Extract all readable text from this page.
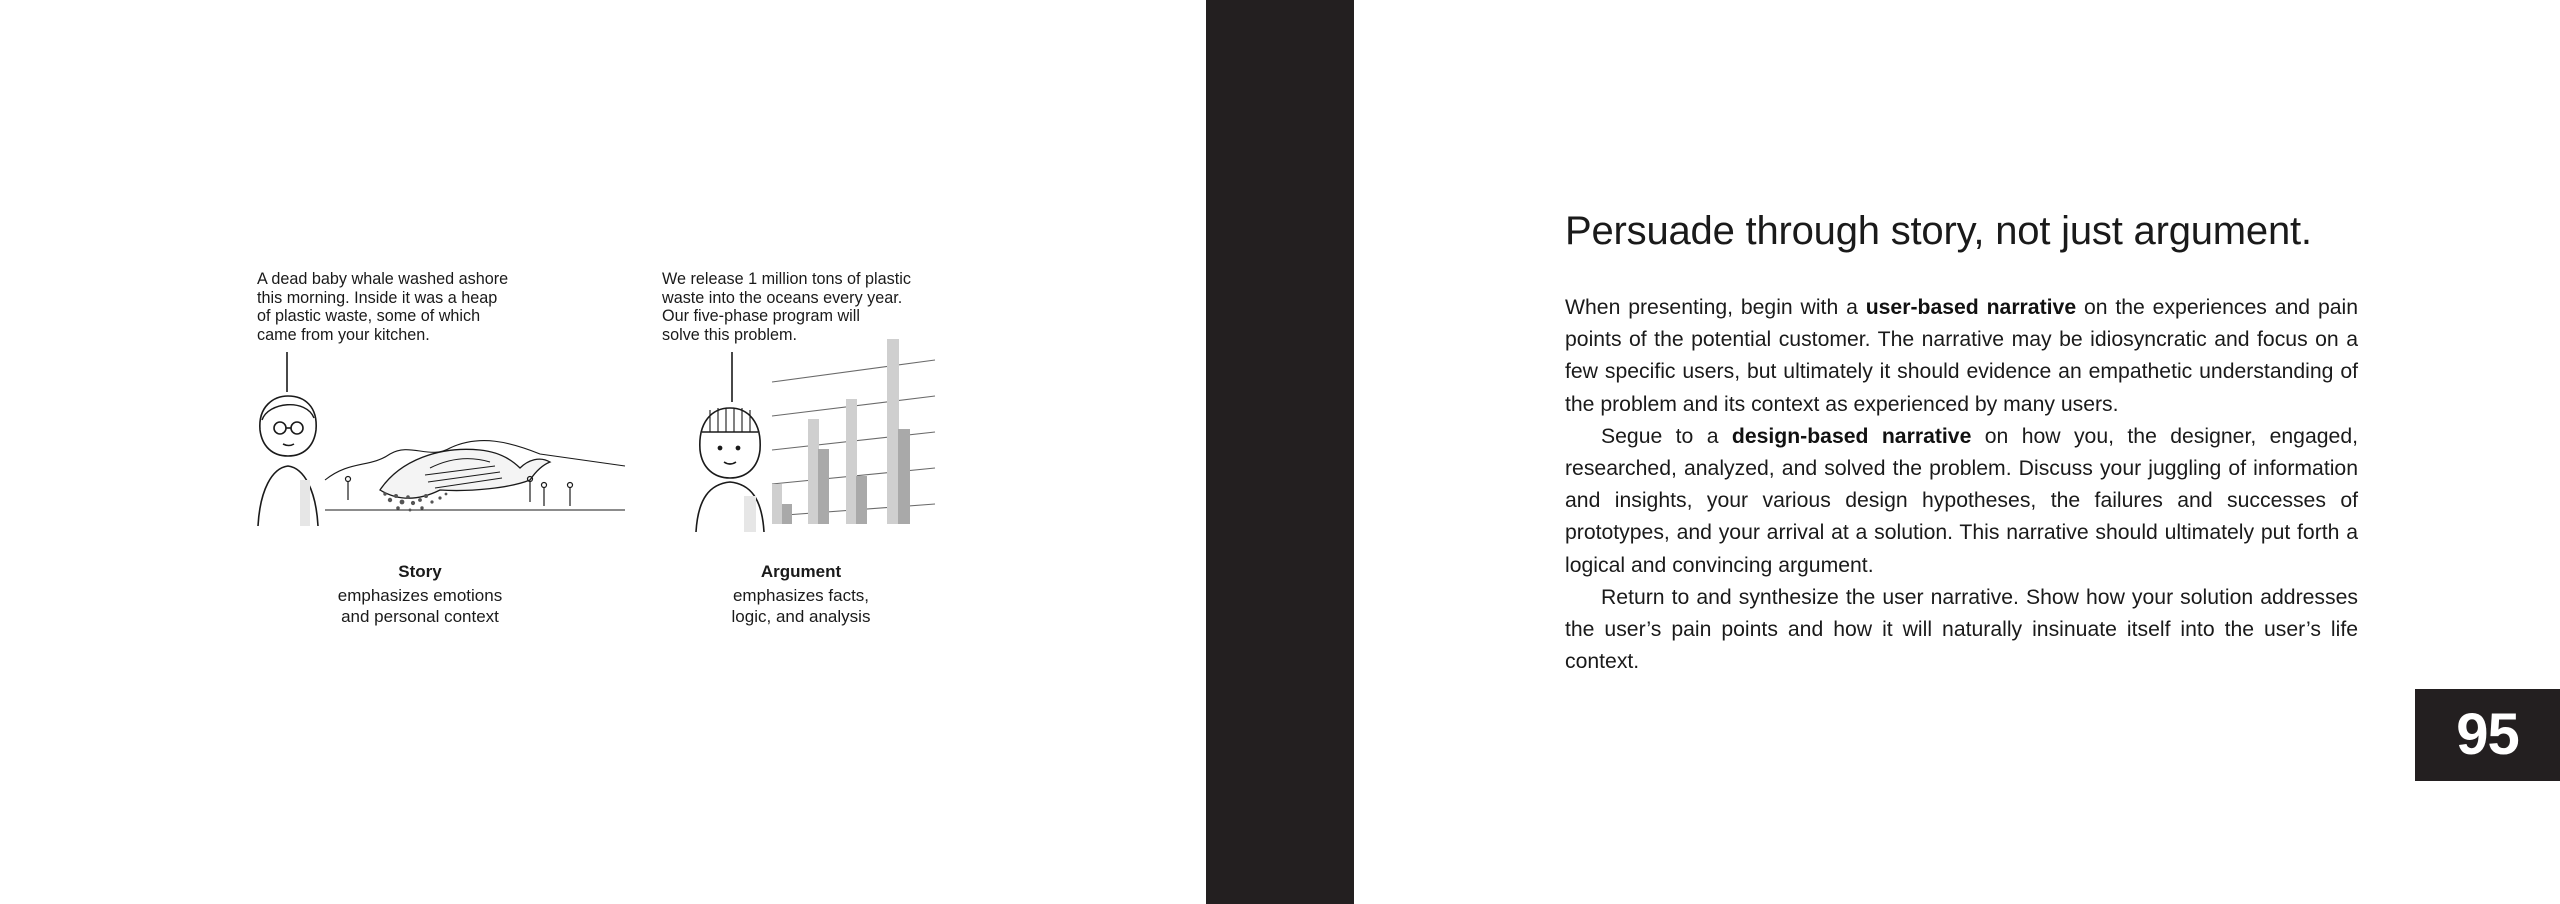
A dead baby whale washed ashore
this morning. Inside it was a heap
of plastic waste, some of which
came from your kitchen.
We release 1 million tons of plastic
waste into the oceans every year.
Our five-phase program will
solve this problem.
Story
emphasizes emotions
and personal context
Argument
emphasizes facts,
logic, and analysis
Persuade through story, not just argument.

When presenting, begin with a user-based narrative on the experiences and pain points of the potential customer. The narrative may be idiosyncratic and focus on a few specific users, but ultimately it should evidence an empathetic understanding of the problem and its context as experienced by many users.

Segue to a design-based narrative on how you, the designer, engaged, researched, analyzed, and solved the problem. Discuss your juggling of information and insights, your various design hypotheses, the failures and successes of prototypes, and your arrival at a solution. This narrative should ultimately put forth a logical and convincing argument.

Return to and synthesize the user narrative. Show how your solution addresses the user’s pain points and how it will naturally insinuate itself into the user’s life context.

95
